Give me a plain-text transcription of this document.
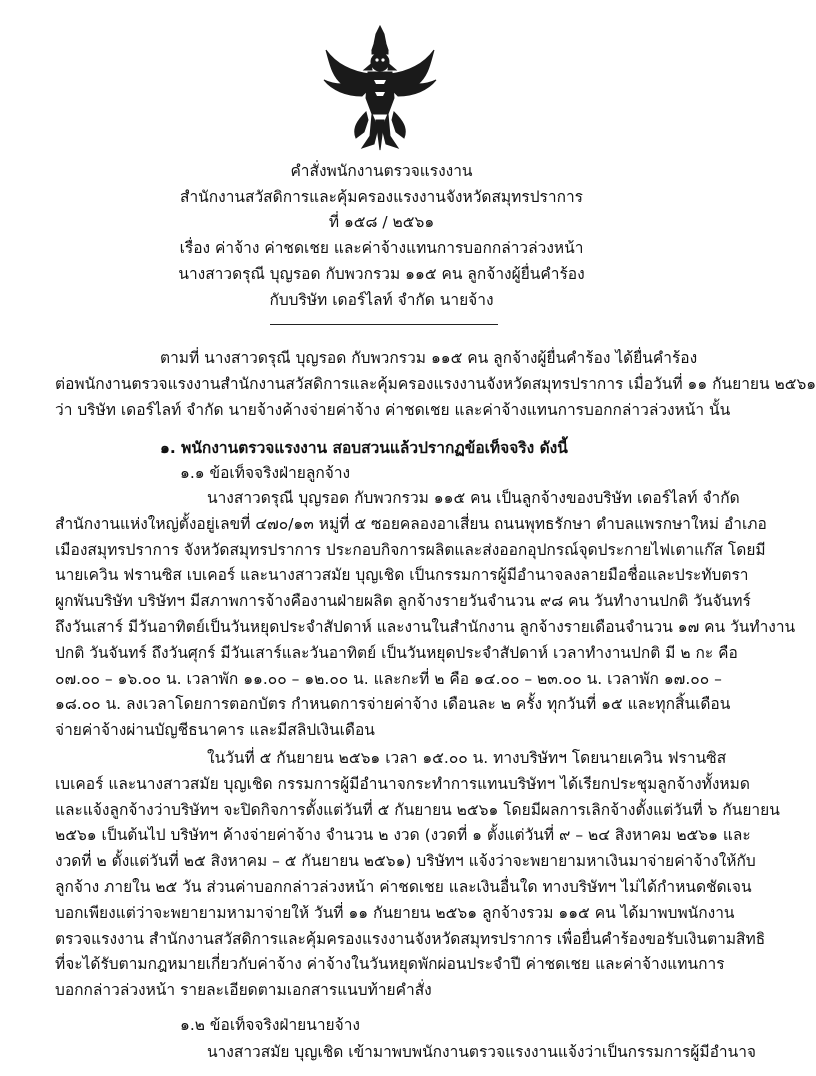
คำสั่งพนักงานตรวจแรงงาน
สำนักงานสวัสดิการและคุ้มครองแรงงานจังหวัดสมุทรปราการ
ที่ ๑๕๘ / ๒๕๖๑
เรื่อง ค่าจ้าง ค่าชดเชย และค่าจ้างแทนการบอกกล่าวล่วงหน้า
นางสาวดรุณี บุญรอด กับพวกรวม ๑๑๕ คน ลูกจ้างผู้ยื่นคำร้อง
กับบริษัท เดอร์ไลท์ จำกัด นายจ้าง
ตามที่ นางสาวดรุณี บุญรอด กับพวกรวม ๑๑๕ คน ลูกจ้างผู้ยื่นคำร้อง ได้ยื่นคำร้อง
ต่อพนักงานตรวจแรงงานสำนักงานสวัสดิการและคุ้มครองแรงงานจังหวัดสมุทรปราการ เมื่อวันที่ ๑๑ กันยายน ๒๕๖๑
ว่า บริษัท เดอร์ไลท์ จำกัด นายจ้างค้างจ่ายค่าจ้าง ค่าชดเชย และค่าจ้างแทนการบอกกล่าวล่วงหน้า นั้น
๑. พนักงานตรวจแรงงาน สอบสวนแล้วปรากฏข้อเท็จจริง ดังนี้
๑.๑ ข้อเท็จจริงฝ่ายลูกจ้าง
นางสาวดรุณี บุญรอด กับพวกรวม ๑๑๕ คน เป็นลูกจ้างของบริษัท เดอร์ไลท์ จำกัด
สำนักงานแห่งใหญ่ตั้งอยู่เลขที่ ๔๗๐/๑๓ หมู่ที่ ๕ ซอยคลองอาเสี่ยน ถนนพุทธรักษา ตำบลแพรกษาใหม่ อำเภอ
เมืองสมุทรปราการ จังหวัดสมุทรปราการ ประกอบกิจการผลิตและส่งออกอุปกรณ์จุดประกายไฟเตาแก๊ส โดยมี
นายเควิน ฟรานซิส เบเคอร์ และนางสาวสมัย บุญเชิด เป็นกรรมการผู้มีอำนาจลงลายมือชื่อและประทับตรา
ผูกพันบริษัท บริษัทฯ มีสภาพการจ้างคืองานฝ่ายผลิต ลูกจ้างรายวันจำนวน ๙๘ คน วันทำงานปกติ วันจันทร์
ถึงวันเสาร์ มีวันอาทิตย์เป็นวันหยุดประจำสัปดาห์ และงานในสำนักงาน ลูกจ้างรายเดือนจำนวน ๑๗ คน วันทำงาน
ปกติ วันจันทร์ ถึงวันศุกร์ มีวันเสาร์และวันอาทิตย์ เป็นวันหยุดประจำสัปดาห์ เวลาทำงานปกติ มี ๒ กะ คือ
๐๗.๐๐ – ๑๖.๐๐ น. เวลาพัก ๑๑.๐๐ – ๑๒.๐๐ น. และกะที่ ๒ คือ ๑๔.๐๐ – ๒๓.๐๐ น. เวลาพัก ๑๗.๐๐ –
๑๘.๐๐ น. ลงเวลาโดยการตอกบัตร กำหนดการจ่ายค่าจ้าง เดือนละ ๒ ครั้ง ทุกวันที่ ๑๕ และทุกสิ้นเดือน
จ่ายค่าจ้างผ่านบัญชีธนาคาร และมีสลิปเงินเดือน
ในวันที่ ๕ กันยายน ๒๕๖๑ เวลา ๑๕.๐๐ น. ทางบริษัทฯ โดยนายเควิน ฟรานซิส
เบเคอร์ และนางสาวสมัย บุญเชิด กรรมการผู้มีอำนาจกระทำการแทนบริษัทฯ ได้เรียกประชุมลูกจ้างทั้งหมด
และแจ้งลูกจ้างว่าบริษัทฯ จะปิดกิจการตั้งแต่วันที่ ๕ กันยายน ๒๕๖๑ โดยมีผลการเลิกจ้างตั้งแต่วันที่ ๖ กันยายน
๒๕๖๑ เป็นต้นไป บริษัทฯ ค้างจ่ายค่าจ้าง จำนวน ๒ งวด (งวดที่ ๑ ตั้งแต่วันที่ ๙ – ๒๔ สิงหาคม ๒๕๖๑ และ
งวดที่ ๒ ตั้งแต่วันที่ ๒๕ สิงหาคม – ๕ กันยายน ๒๕๖๑) บริษัทฯ แจ้งว่าจะพยายามหาเงินมาจ่ายค่าจ้างให้กับ
ลูกจ้าง ภายใน ๒๕ วัน ส่วนค่าบอกกล่าวล่วงหน้า ค่าชดเชย และเงินอื่นใด ทางบริษัทฯ ไม่ได้กำหนดชัดเจน
บอกเพียงแต่ว่าจะพยายามหามาจ่ายให้ วันที่ ๑๑ กันยายน ๒๕๖๑ ลูกจ้างรวม ๑๑๕ คน ได้มาพบพนักงาน
ตรวจแรงงาน สำนักงานสวัสดิการและคุ้มครองแรงงานจังหวัดสมุทรปราการ เพื่อยื่นคำร้องขอรับเงินตามสิทธิ
ที่จะได้รับตามกฎหมายเกี่ยวกับค่าจ้าง ค่าจ้างในวันหยุดพักผ่อนประจำปี ค่าชดเชย และค่าจ้างแทนการ
บอกกล่าวล่วงหน้า รายละเอียดตามเอกสารแนบท้ายคำสั่ง
๑.๒ ข้อเท็จจริงฝ่ายนายจ้าง
นางสาวสมัย บุญเชิด เข้ามาพบพนักงานตรวจแรงงานแจ้งว่าเป็นกรรมการผู้มีอำนาจ
